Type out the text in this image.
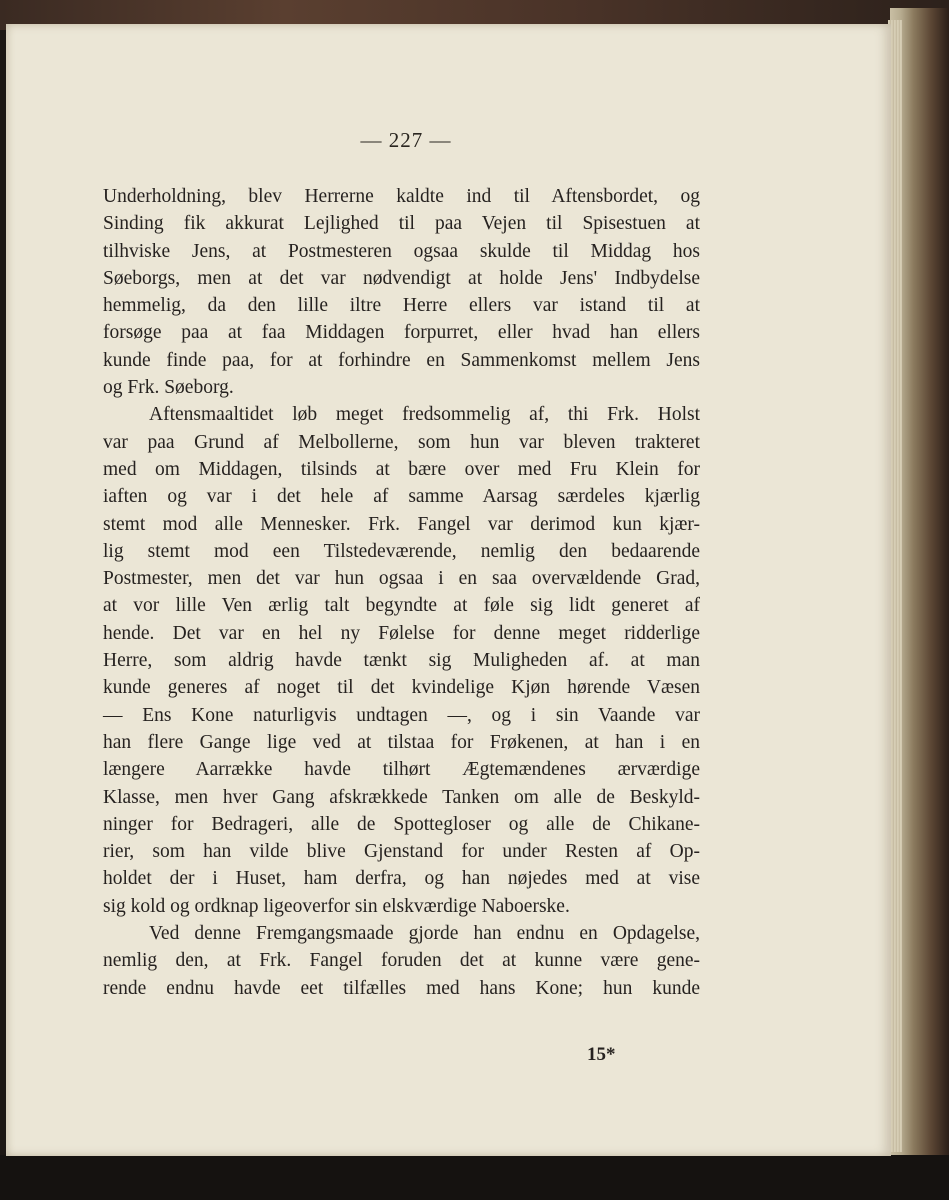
— 227 —
Underholdning, blev Herrerne kaldte ind til Aftensbordet, og
Sinding fik akkurat Lejlighed til paa Vejen til Spisestuen at
tilhviske Jens, at Postmesteren ogsaa skulde til Middag hos
Søeborgs, men at det var nødvendigt at holde Jens' Indbydelse
hemmelig, da den lille iltre Herre ellers var istand til at
forsøge paa at faa Middagen forpurret, eller hvad han ellers
kunde finde paa, for at forhindre en Sammenkomst mellem Jens
og Frk. Søeborg.
Aftensmaaltidet løb meget fredsommelig af, thi Frk. Holst
var paa Grund af Melbollerne, som hun var bleven trakteret
med om Middagen, tilsinds at bære over med Fru Klein for
iaften og var i det hele af samme Aarsag særdeles kjærlig
stemt mod alle Mennesker. Frk. Fangel var derimod kun kjær-
lig stemt mod een Tilstedeværende, nemlig den bedaarende
Postmester, men det var hun ogsaa i en saa overvældende Grad,
at vor lille Ven ærlig talt begyndte at føle sig lidt generet af
hende. Det var en hel ny Følelse for denne meget ridderlige
Herre, som aldrig havde tænkt sig Muligheden af. at man
kunde generes af noget til det kvindelige Kjøn hørende Væsen
— Ens Kone naturligvis undtagen —, og i sin Vaande var
han flere Gange lige ved at tilstaa for Frøkenen, at han i en
længere Aarrække havde tilhørt Ægtemændenes ærværdige
Klasse, men hver Gang afskrækkede Tanken om alle de Beskyld-
ninger for Bedrageri, alle de Spottegloser og alle de Chikane-
rier, som han vilde blive Gjenstand for under Resten af Op-
holdet der i Huset, ham derfra, og han nøjedes med at vise
sig kold og ordknap ligeoverfor sin elskværdige Naboerske.
Ved denne Fremgangsmaade gjorde han endnu en Opdagelse,
nemlig den, at Frk. Fangel foruden det at kunne være gene-
rende endnu havde eet tilfælles med hans Kone; hun kunde
15*
